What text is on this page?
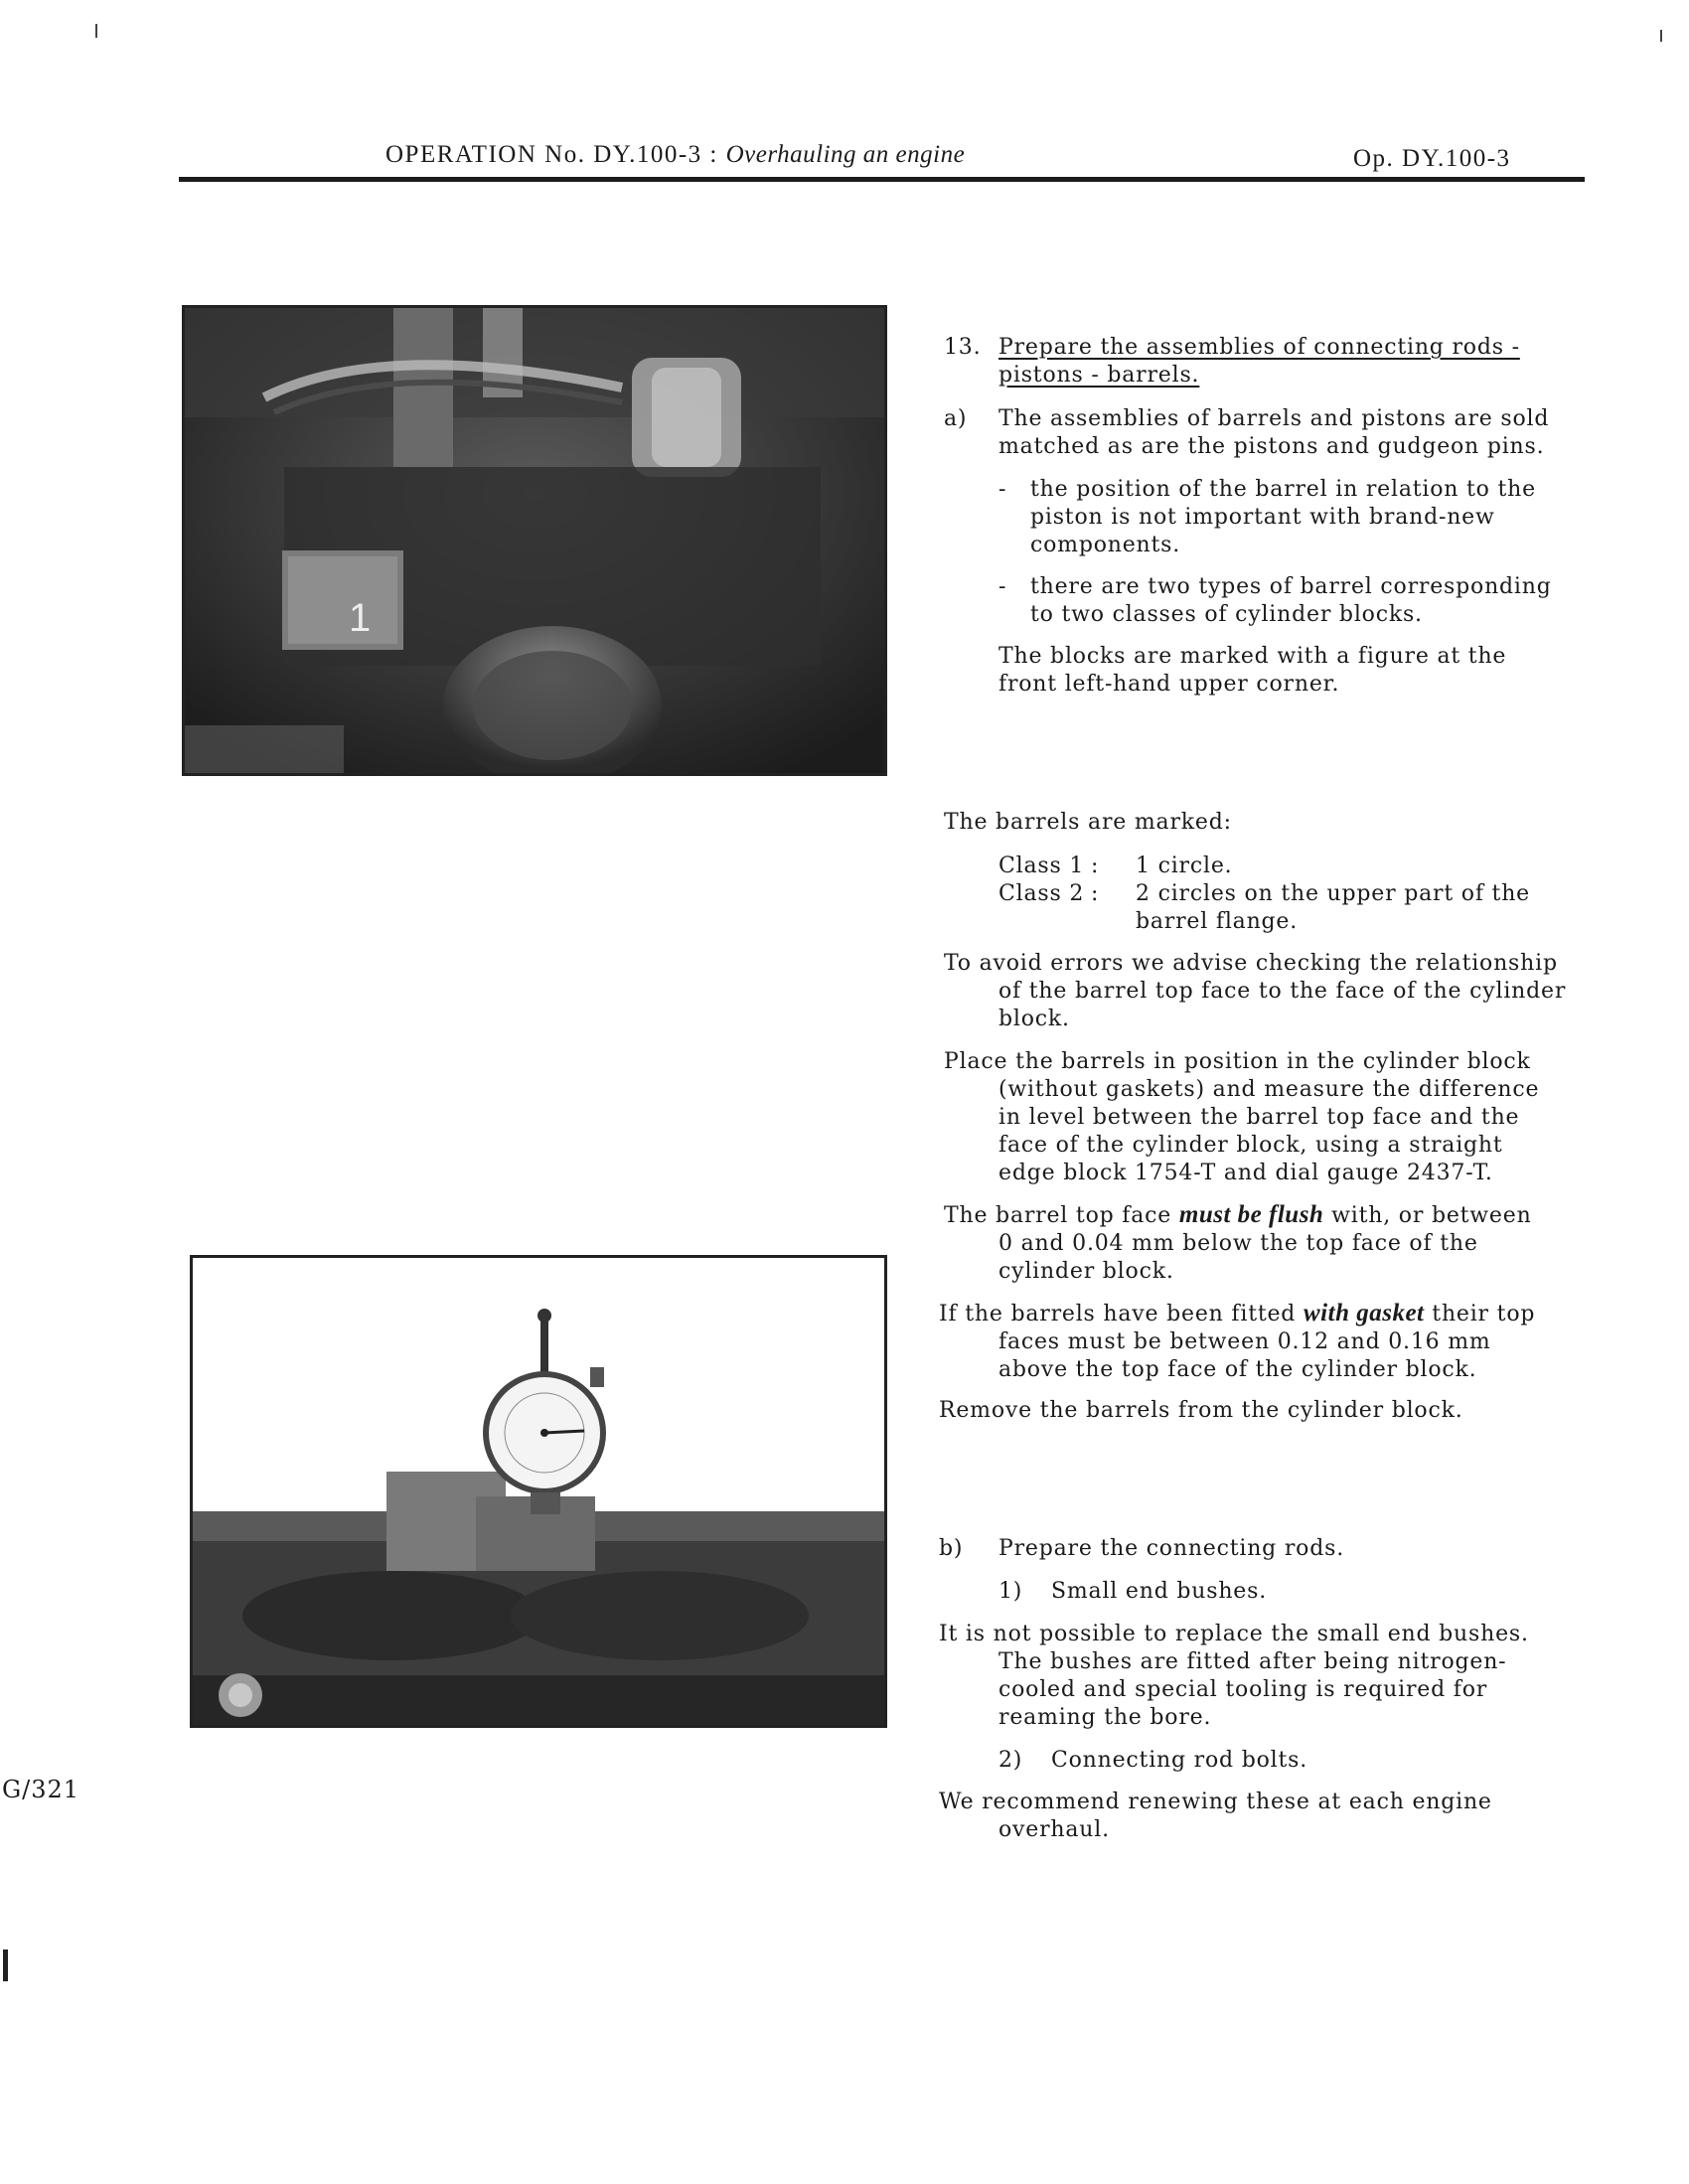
OPERATION No. DY.100-3 : Overhauling an engine	Op. DY.100-3
1
13. Prepare the assemblies of connecting rods -
pistons - barrels.
a) The assemblies of barrels and pistons are sold
matched as are the pistons and gudgeon pins.
- the position of the barrel in relation to the
piston is not important with brand-new
components.
- there are two types of barrel corresponding
to two classes of cylinder blocks.
The blocks are marked with a figure at the
front left-hand upper corner.
The barrels are marked:
Class 1 : 1 circle.
Class 2 : 2 circles on the upper part of the
barrel flange.
To avoid errors we advise checking the relationship
of the barrel top face to the face of the cylinder
block.
Place the barrels in position in the cylinder block
(without gaskets) and measure the difference
in level between the barrel top face and the
face of the cylinder block, using a straight
edge block 1754-T and dial gauge 2437-T.
The barrel top face must be flush with, or between
0 and 0.04 mm below the top face of the
cylinder block.
If the barrels have been fitted with gasket their top
faces must be between 0.12 and 0.16 mm
above the top face of the cylinder block.
Remove the barrels from the cylinder block.
b) Prepare the connecting rods.
1) Small end bushes.
It is not possible to replace the small end bushes.
The bushes are fitted after being nitrogen-
cooled and special tooling is required for
reaming the bore.
2) Connecting rod bolts.
We recommend renewing these at each engine
overhaul.
G/321
